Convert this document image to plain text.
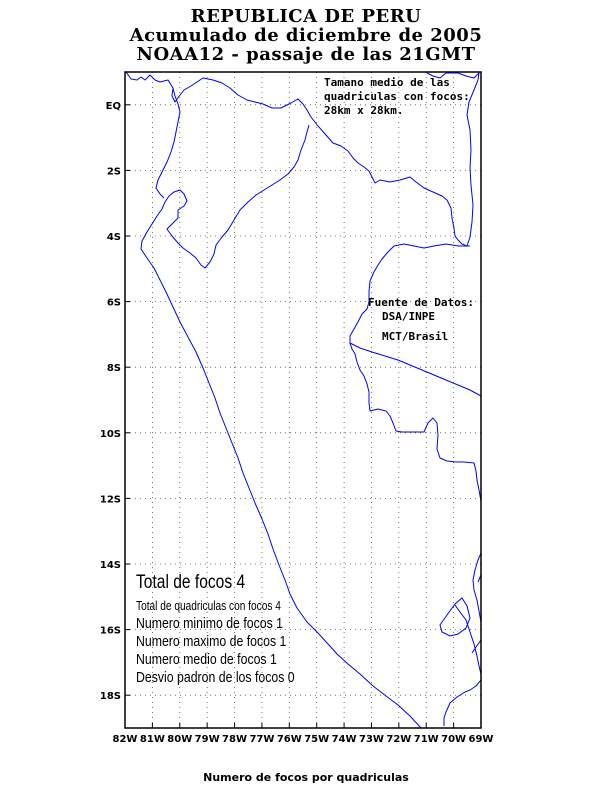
REPUBLICA DE PERU
Acumulado de diciembre de 2005
NOAA12 - passaje de las 21GMT
82W 81W 80W 79W 78W 77W 76W 75W 74W 73W 72W 71W 70W 69W
EQ
2S
4S
6S
8S
10S
12S
14S
16S
18S
Tamano medio de las
quadriculas con focos:
28km x 28km.
Fuente de Datos:
DSA/INPE
MCT/Brasil
Total de focos 4
Total de quadriculas con focos 4
Numero minimo de focos 1
Numero maximo de focos 1
Numero medio de focos 1
Desvio padron de los focos 0
Numero de focos por quadriculas
